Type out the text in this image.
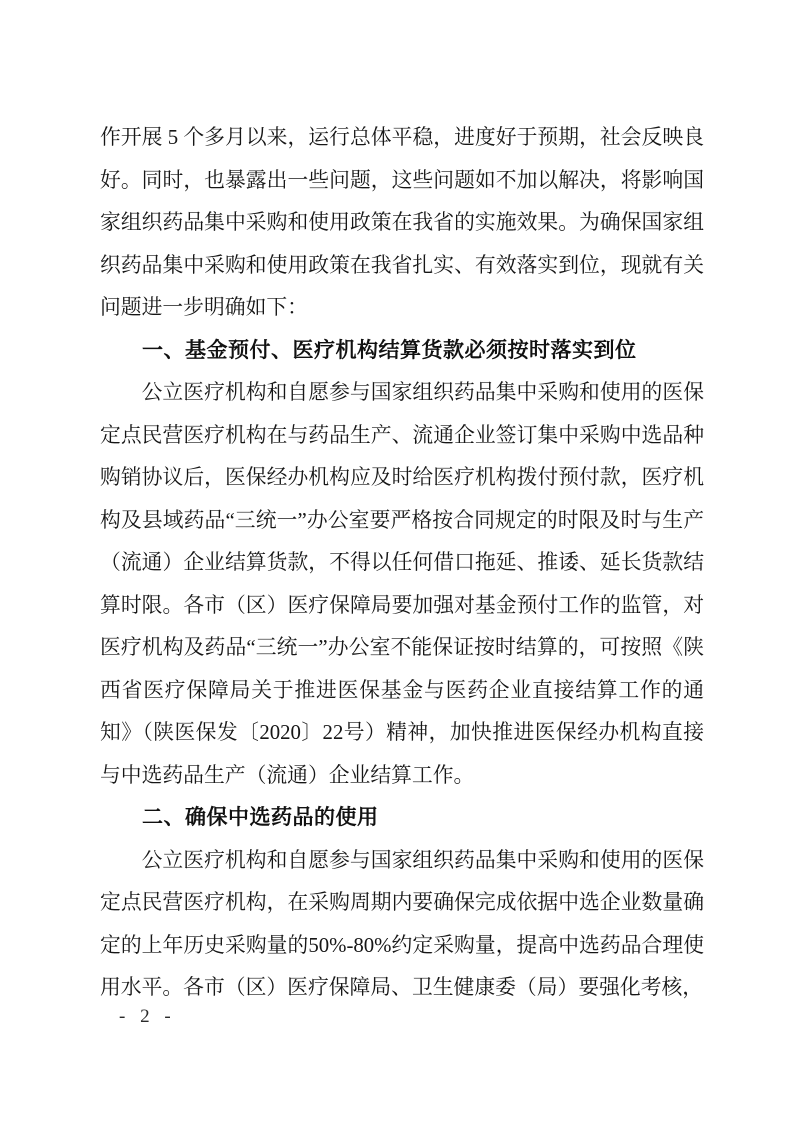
作开展 5 个多月以来，运行总体平稳，进度好于预期，社会反映良好。同时，也暴露出一些问题，这些问题如不加以解决，将影响国家组织药品集中采购和使用政策在我省的实施效果。为确保国家组织药品集中采购和使用政策在我省扎实、有效落实到位，现就有关问题进一步明确如下：

一、基金预付、医疗机构结算货款必须按时落实到位

公立医疗机构和自愿参与国家组织药品集中采购和使用的医保定点民营医疗机构在与药品生产、流通企业签订集中采购中选品种购销协议后，医保经办机构应及时给医疗机构拨付预付款，医疗机构及县域药品“三统一”办公室要严格按合同规定的时限及时与生产（流通）企业结算货款，不得以任何借口拖延、推诿、延长货款结算时限。各市（区）医疗保障局要加强对基金预付工作的监管，对医疗机构及药品“三统一”办公室不能保证按时结算的，可按照《陕西省医疗保障局关于推进医保基金与医药企业直接结算工作的通知》（陕医保发〔2020〕22号）精神，加快推进医保经办机构直接与中选药品生产（流通）企业结算工作。

二、确保中选药品的使用

公立医疗机构和自愿参与国家组织药品集中采购和使用的医保定点民营医疗机构，在采购周期内要确保完成依据中选企业数量确定的上年历史采购量的50%-80%约定采购量，提高中选药品合理使用水平。各市（区）医疗保障局、卫生健康委（局）要强化考核，

- 2 -
